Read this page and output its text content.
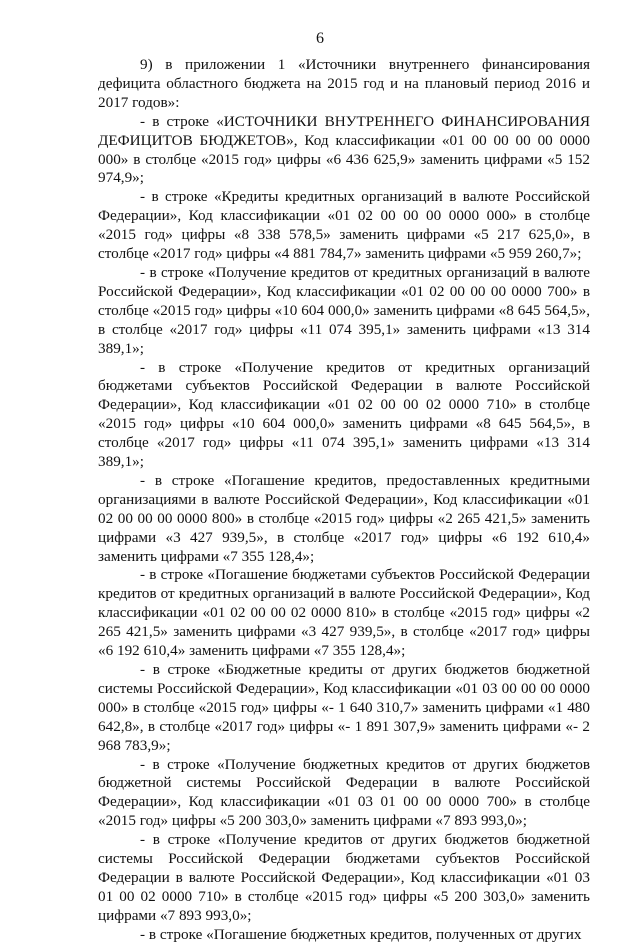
6

9) в приложении 1 «Источники внутреннего финансирования дефицита областного бюджета на 2015 год и на плановый период 2016 и 2017 годов»:

- в строке «ИСТОЧНИКИ ВНУТРЕННЕГО ФИНАНСИРОВАНИЯ ДЕФИЦИТОВ БЮДЖЕТОВ», Код классификации «01 00 00 00 00 0000 000» в столбце «2015 год» цифры «6 436 625,9» заменить цифрами «5 152 974,9»;

- в строке «Кредиты кредитных организаций в валюте Российской Федерации», Код классификации «01 02 00 00 00 0000 000» в столбце «2015 год» цифры «8 338 578,5» заменить цифрами «5 217 625,0», в столбце «2017 год» цифры «4 881 784,7» заменить цифрами «5 959 260,7»;

- в строке «Получение кредитов от кредитных организаций в валюте Российской Федерации», Код классификации «01 02 00 00 00 0000 700» в столбце «2015 год» цифры «10 604 000,0» заменить цифрами «8 645 564,5», в столбце «2017 год» цифры «11 074 395,1» заменить цифрами «13 314 389,1»;

- в строке «Получение кредитов от кредитных организаций бюджетами субъектов Российской Федерации в валюте Российской Федерации», Код классификации «01 02 00 00 02 0000 710» в столбце «2015 год» цифры «10 604 000,0» заменить цифрами «8 645 564,5», в столбце «2017 год» цифры «11 074 395,1» заменить цифрами «13 314 389,1»;

- в строке «Погашение кредитов, предоставленных кредитными организациями в валюте Российской Федерации», Код классификации «01 02 00 00 00 0000 800» в столбце «2015 год» цифры «2 265 421,5» заменить цифрами «3 427 939,5», в столбце «2017 год» цифры «6 192 610,4» заменить цифрами «7 355 128,4»;

- в строке «Погашение бюджетами субъектов Российской Федерации кредитов от кредитных организаций в валюте Российской Федерации», Код классификации «01 02 00 00 02 0000 810» в столбце «2015 год» цифры «2 265 421,5» заменить цифрами «3 427 939,5», в столбце «2017 год» цифры «6 192 610,4» заменить цифрами «7 355 128,4»;

- в строке «Бюджетные кредиты от других бюджетов бюджетной системы Российской Федерации», Код классификации «01 03 00 00 00 0000 000» в столбце «2015 год» цифры «- 1 640 310,7» заменить цифрами «1 480 642,8», в столбце «2017 год» цифры «- 1 891 307,9» заменить цифрами «- 2 968 783,9»;

- в строке «Получение бюджетных кредитов от других бюджетов бюджетной системы Российской Федерации в валюте Российской Федерации», Код классификации «01 03 01 00 00 0000 700» в столбце «2015 год» цифры «5 200 303,0» заменить цифрами «7 893 993,0»;

- в строке «Получение кредитов от других бюджетов бюджетной системы Российской Федерации бюджетами субъектов Российской Федерации в валюте Российской Федерации», Код классификации «01 03 01 00 02 0000 710» в столбце «2015 год» цифры «5 200 303,0» заменить цифрами «7 893 993,0»;

- в строке «Погашение бюджетных кредитов, полученных от других
